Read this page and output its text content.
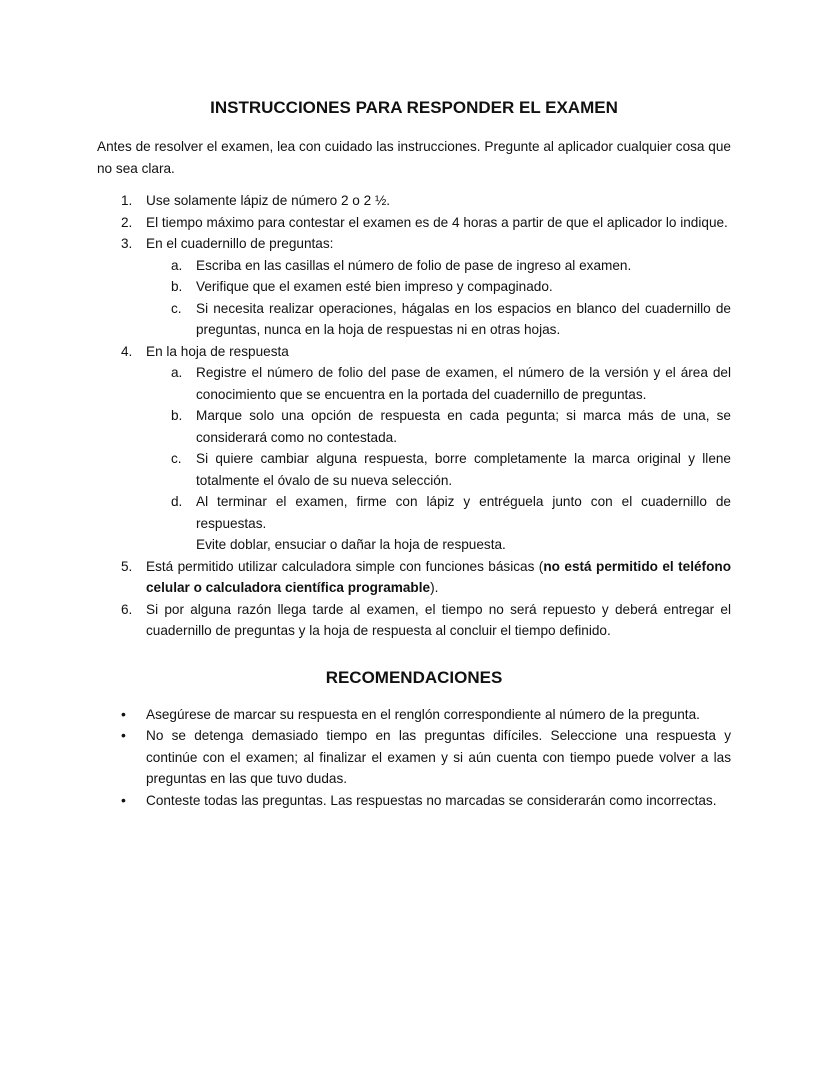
INSTRUCCIONES PARA RESPONDER EL EXAMEN

Antes de resolver el examen, lea con cuidado las instrucciones. Pregunte al aplicador cualquier cosa que no sea clara.

1. Use solamente lápiz de número 2 o 2 ½.
2. El tiempo máximo para contestar el examen es de 4 horas a partir de que el aplicador lo indique.
3. En el cuadernillo de preguntas:
a. Escriba en las casillas el número de folio de pase de ingreso al examen.
b. Verifique que el examen esté bien impreso y compaginado.
c. Si necesita realizar operaciones, hágalas en los espacios en blanco del cuadernillo de preguntas, nunca en la hoja de respuestas ni en otras hojas.
4. En la hoja de respuesta
a. Registre el número de folio del pase de examen, el número de la versión y el área del conocimiento que se encuentra en la portada del cuadernillo de preguntas.
b. Marque solo una opción de respuesta en cada pegunta; si marca más de una, se considerará como no contestada.
c. Si quiere cambiar alguna respuesta, borre completamente la marca original y llene totalmente el óvalo de su nueva selección.
d. Al terminar el examen, firme con lápiz y entréguela junto con el cuadernillo de respuestas.
Evite doblar, ensuciar o dañar la hoja de respuesta.
5. Está permitido utilizar calculadora simple con funciones básicas (no está permitido el teléfono celular o calculadora científica programable).
6. Si por alguna razón llega tarde al examen, el tiempo no será repuesto y deberá entregar el cuadernillo de preguntas y la hoja de respuesta al concluir el tiempo definido.
RECOMENDACIONES
• Asegúrese de marcar su respuesta en el renglón correspondiente al número de la pregunta.
• No se detenga demasiado tiempo en las preguntas difíciles. Seleccione una respuesta y continúe con el examen; al finalizar el examen y si aún cuenta con tiempo puede volver a las preguntas en las que tuvo dudas.
• Conteste todas las preguntas. Las respuestas no marcadas se considerarán como incorrectas.
